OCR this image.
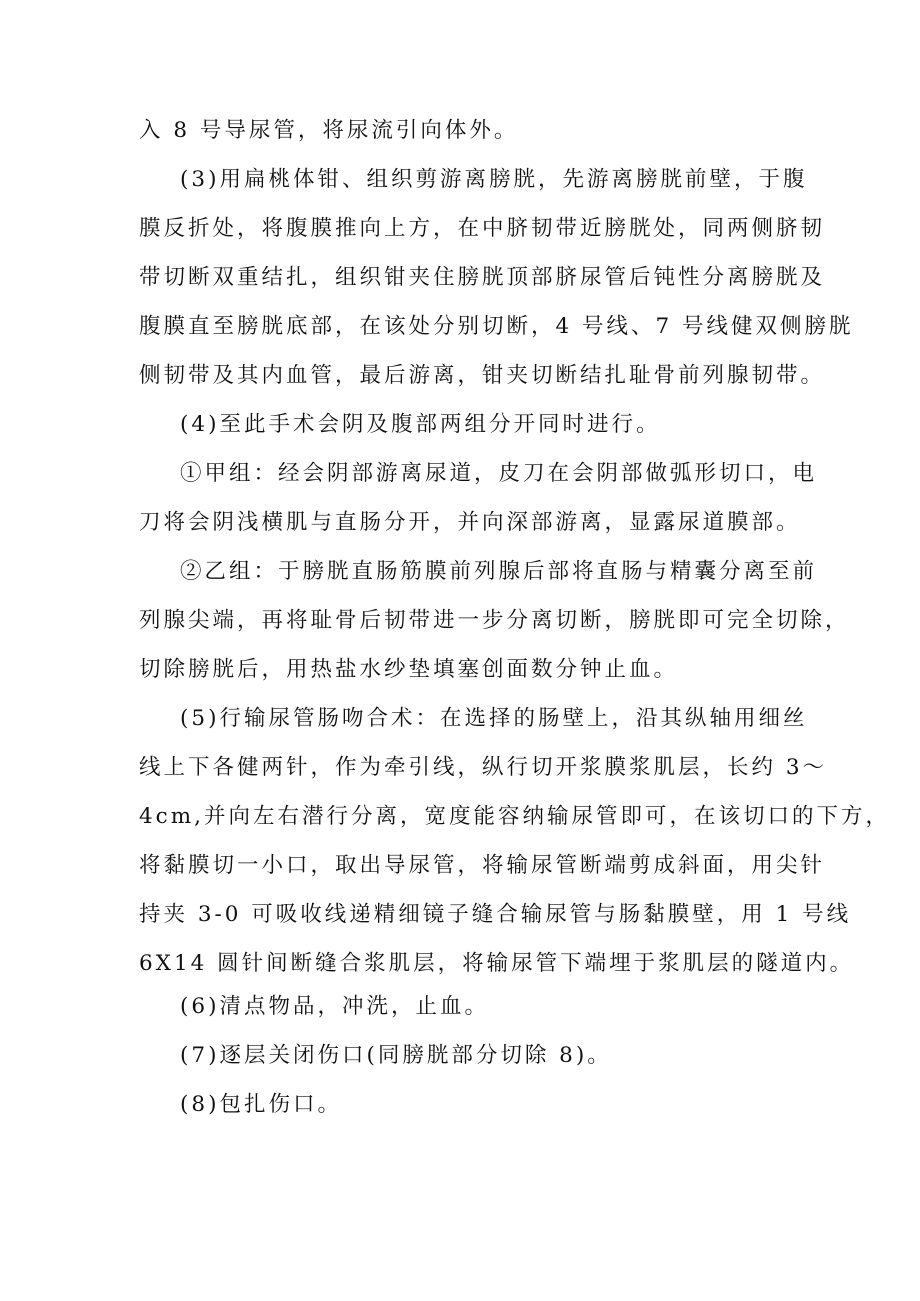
入 8 号导尿管，将尿流引向体外。
(3)用扁桃体钳、组织剪游离膀胱，先游离膀胱前壁，于腹
膜反折处，将腹膜推向上方，在中脐韧带近膀胱处，同两侧脐韧
带切断双重结扎，组织钳夹住膀胱顶部脐尿管后钝性分离膀胱及
腹膜直至膀胱底部，在该处分别切断，4 号线、7 号线健双侧膀胱
侧韧带及其内血管，最后游离，钳夹切断结扎耻骨前列腺韧带。
(4)至此手术会阴及腹部两组分开同时进行。
①甲组：经会阴部游离尿道，皮刀在会阴部做弧形切口，电
刀将会阴浅横肌与直肠分开，并向深部游离，显露尿道膜部。
②乙组：于膀胱直肠筋膜前列腺后部将直肠与精囊分离至前
列腺尖端，再将耻骨后韧带进一步分离切断，膀胱即可完全切除，
切除膀胱后，用热盐水纱垫填塞创面数分钟止血。
(5)行输尿管肠吻合术：在选择的肠壁上，沿其纵轴用细丝
线上下各健两针，作为牵引线，纵行切开浆膜浆肌层，长约 3～
4cm,并向左右潜行分离，宽度能容纳输尿管即可，在该切口的下方，
将黏膜切一小口，取出导尿管，将输尿管断端剪成斜面，用尖针
持夹 3-0 可吸收线递精细镜子缝合输尿管与肠黏膜壁，用 1 号线
6X14 圆针间断缝合浆肌层，将输尿管下端埋于浆肌层的隧道内。
(6)清点物品，冲洗，止血。
(7)逐层关闭伤口(同膀胱部分切除 8)。
(8)包扎伤口。
